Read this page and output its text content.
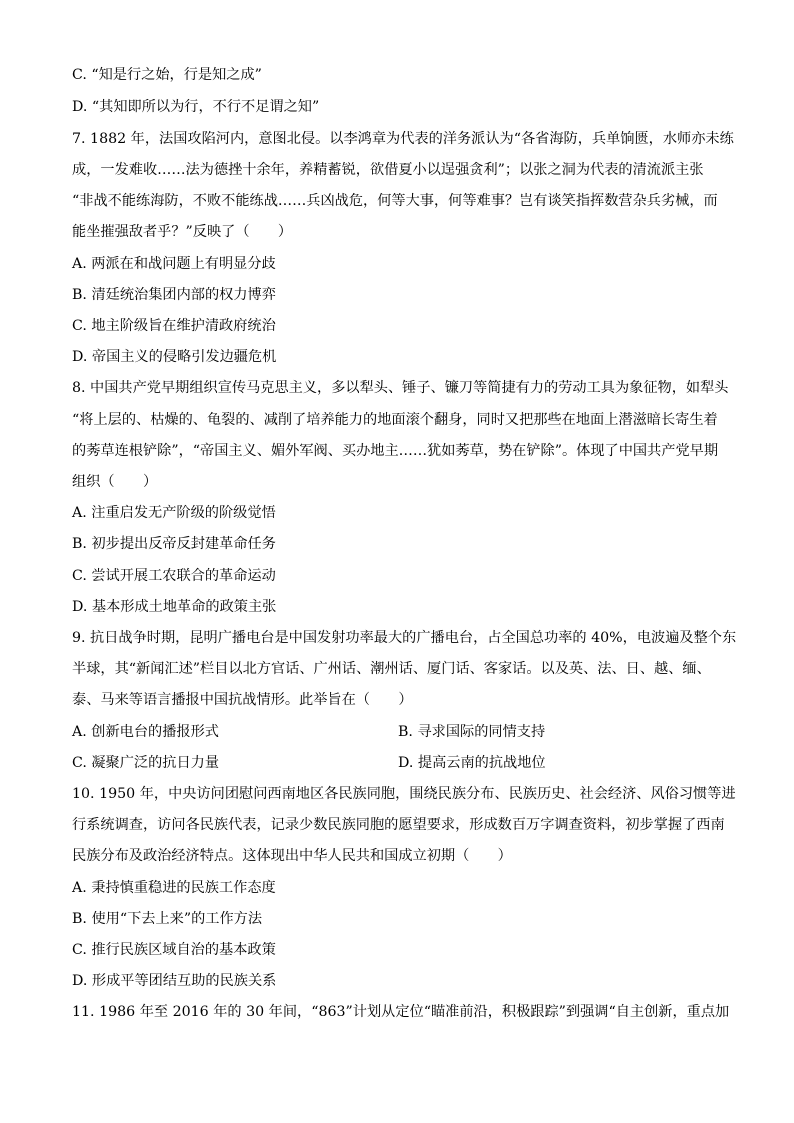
C. “知是行之始，行是知之成”
D. “其知即所以为行，不行不足谓之知”
7. 1882 年，法国攻陷河内，意图北侵。以李鸿章为代表的洋务派认为“各省海防，兵单饷匮，水师亦未练
成，一发难收……法为德挫十余年，养精蓄锐，欲借夏小以逞强贪利”；以张之洞为代表的清流派主张
“非战不能练海防，不败不能练战……兵凶战危，何等大事，何等难事？岂有谈笑指挥数营杂兵劣械，而
能坐摧强敌者乎？”反映了（　　）
A. 两派在和战问题上有明显分歧
B. 清廷统治集团内部的权力博弈
C. 地主阶级旨在维护清政府统治
D. 帝国主义的侵略引发边疆危机
8. 中国共产党早期组织宣传马克思主义，多以犁头、锤子、镰刀等简捷有力的劳动工具为象征物，如犁头
“将上层的、枯燥的、龟裂的、减削了培养能力的地面滚个翻身，同时又把那些在地面上潜滋暗长寄生着
的莠草连根铲除”，“帝国主义、媚外军阀、买办地主……犹如莠草，势在铲除”。体现了中国共产党早期
组织（　　）
A. 注重启发无产阶级的阶级觉悟
B. 初步提出反帝反封建革命任务
C. 尝试开展工农联合的革命运动
D. 基本形成土地革命的政策主张
9. 抗日战争时期，昆明广播电台是中国发射功率最大的广播电台，占全国总功率的 40%，电波遍及整个东
半球，其“新闻汇述”栏目以北方官话、广州话、潮州话、厦门话、客家话。以及英、法、日、越、缅、
泰、马来等语言播报中国抗战情形。此举旨在（　　）
A. 创新电台的播报形式	B. 寻求国际的同情支持
C. 凝聚广泛的抗日力量	D. 提高云南的抗战地位
10. 1950 年，中央访问团慰问西南地区各民族同胞，围绕民族分布、民族历史、社会经济、风俗习惯等进
行系统调查，访问各民族代表，记录少数民族同胞的愿望要求，形成数百万字调查资料，初步掌握了西南
民族分布及政治经济特点。这体现出中华人民共和国成立初期（　　）
A. 秉持慎重稳进的民族工作态度
B. 使用“下去上来”的工作方法
C. 推行民族区域自治的基本政策
D. 形成平等团结互助的民族关系
11. 1986 年至 2016 年的 30 年间，“863”计划从定位“瞄准前沿，积极跟踪”到强调“自主创新，重点加
